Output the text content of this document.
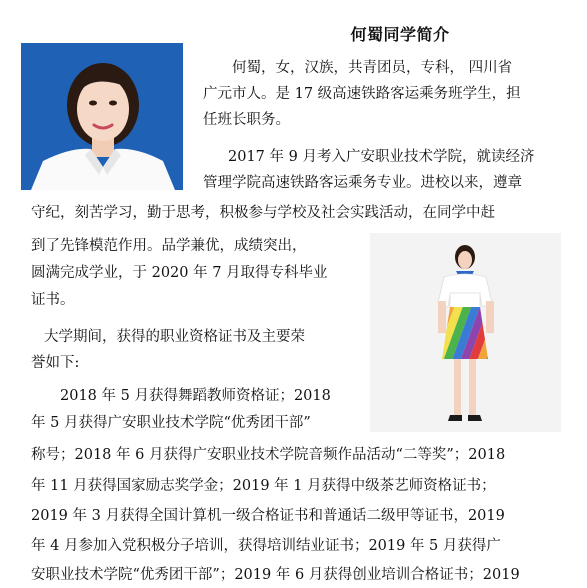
何蜀同学简介
何蜀，女，汉族，共青团员，专科， 四川省
广元市人。是 17 级高速铁路客运乘务班学生，担
任班长职务。
2017 年 9 月考入广安职业技术学院，就读经济
管理学院高速铁路客运乘务专业。进校以来，遵章
守纪，刻苦学习，勤于思考，积极参与学校及社会实践活动，在同学中赶
到了先锋模范作用。品学兼优，成绩突出，
圆满完成学业，于 2020 年 7 月取得专科毕业
证书。
大学期间，获得的职业资格证书及主要荣
誉如下:
2018 年 5 月获得舞蹈教师资格证；2018
年 5 月获得广安职业技术学院“优秀团干部”
称号；2018 年 6 月获得广安职业技术学院音频作品活动“二等奖”；2018
年 11 月获得国家励志奖学金；2019 年 1 月获得中级茶艺师资格证书；
2019 年 3 月获得全国计算机一级合格证书和普通话二级甲等证书，2019
年 4 月参加入党积极分子培训，获得培训结业证书；2019 年 5 月获得广
安职业技术学院“优秀团干部”；2019 年 6 月获得创业培训合格证书；2019
